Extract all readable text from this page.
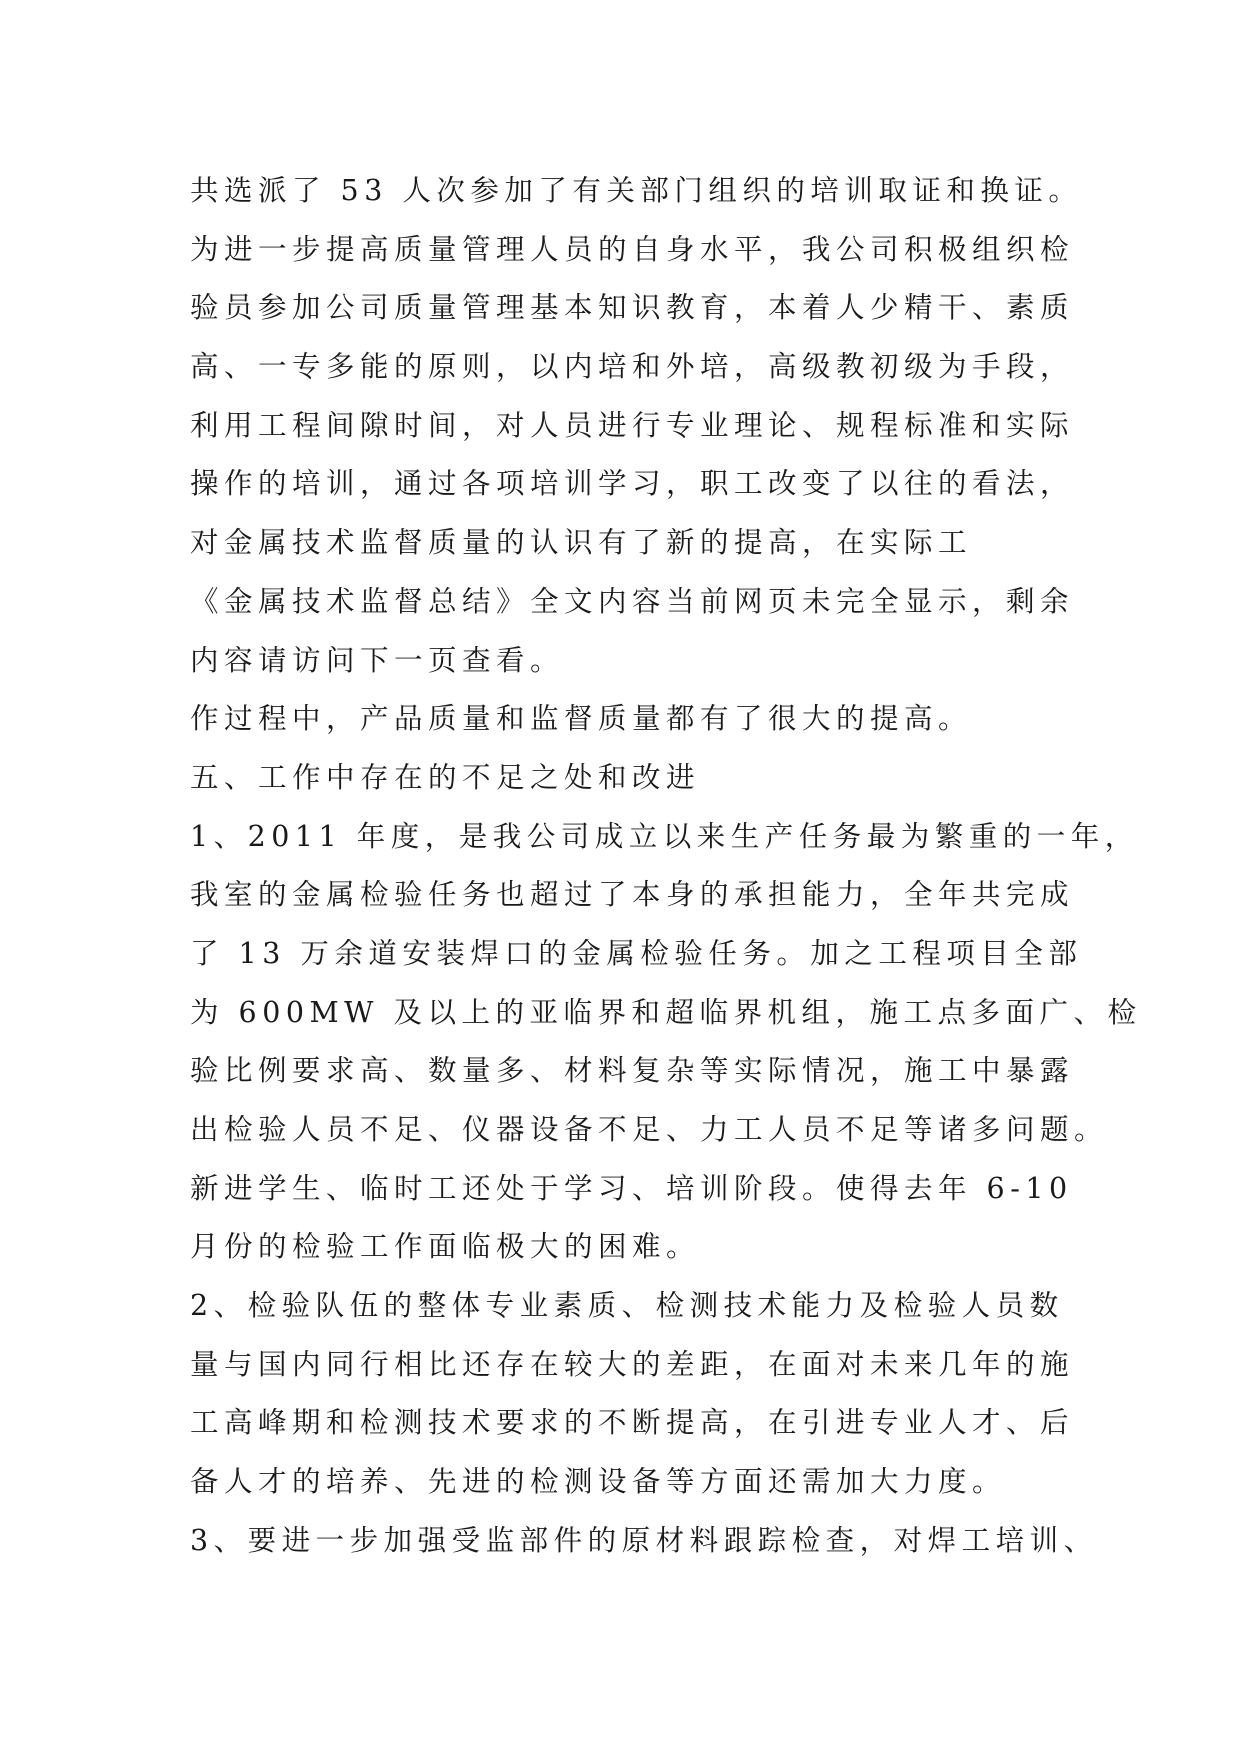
共选派了 53 人次参加了有关部门组织的培训取证和换证。
为进一步提高质量管理人员的自身水平，我公司积极组织检
验员参加公司质量管理基本知识教育，本着人少精干、素质
高、一专多能的原则，以内培和外培，高级教初级为手段，
利用工程间隙时间，对人员进行专业理论、规程标准和实际
操作的培训，通过各项培训学习，职工改变了以往的看法，
对金属技术监督质量的认识有了新的提高，在实际工
《金属技术监督总结》全文内容当前网页未完全显示，剩余
内容请访问下一页查看。
作过程中，产品质量和监督质量都有了很大的提高。
五、工作中存在的不足之处和改进
1、2011 年度，是我公司成立以来生产任务最为繁重的一年，
我室的金属检验任务也超过了本身的承担能力，全年共完成
了 13 万余道安装焊口的金属检验任务。加之工程项目全部
为 600MW 及以上的亚临界和超临界机组，施工点多面广、检
验比例要求高、数量多、材料复杂等实际情况，施工中暴露
出检验人员不足、仪器设备不足、力工人员不足等诸多问题。
新进学生、临时工还处于学习、培训阶段。使得去年 6-10
月份的检验工作面临极大的困难。
2、检验队伍的整体专业素质、检测技术能力及检验人员数
量与国内同行相比还存在较大的差距，在面对未来几年的施
工高峰期和检测技术要求的不断提高，在引进专业人才、后
备人才的培养、先进的检测设备等方面还需加大力度。
3、要进一步加强受监部件的原材料跟踪检查，对焊工培训、
